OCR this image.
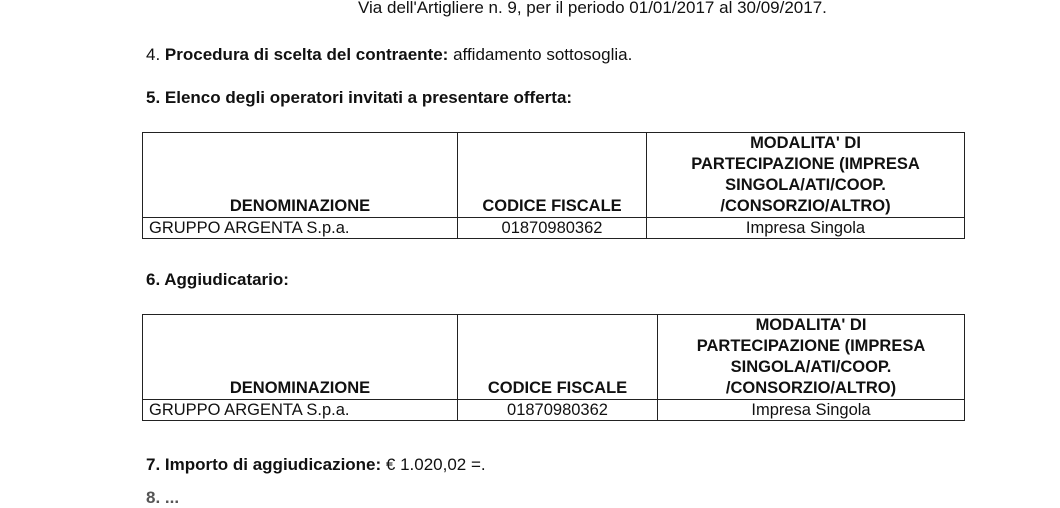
Via dell'Artigliere n. 9, per il periodo 01/01/2017 al 30/09/2017.
4. Procedura di scelta del contraente: affidamento sottosoglia.
5. Elenco degli operatori invitati a presentare offerta:
DENOMINAZIONE	CODICE FISCALE	MODALITA' DI
PARTECIPAZIONE (IMPRESA
SINGOLA/ATI/COOP.
/CONSORZIO/ALTRO)
GRUPPO ARGENTA S.p.a.	01870980362	Impresa Singola
6. Aggiudicatario:
DENOMINAZIONE	CODICE FISCALE	MODALITA' DI
PARTECIPAZIONE (IMPRESA
SINGOLA/ATI/COOP.
/CONSORZIO/ALTRO)
GRUPPO ARGENTA S.p.a.	01870980362	Impresa Singola
7. Importo di aggiudicazione: € 1.020,02 =.
8. ...
